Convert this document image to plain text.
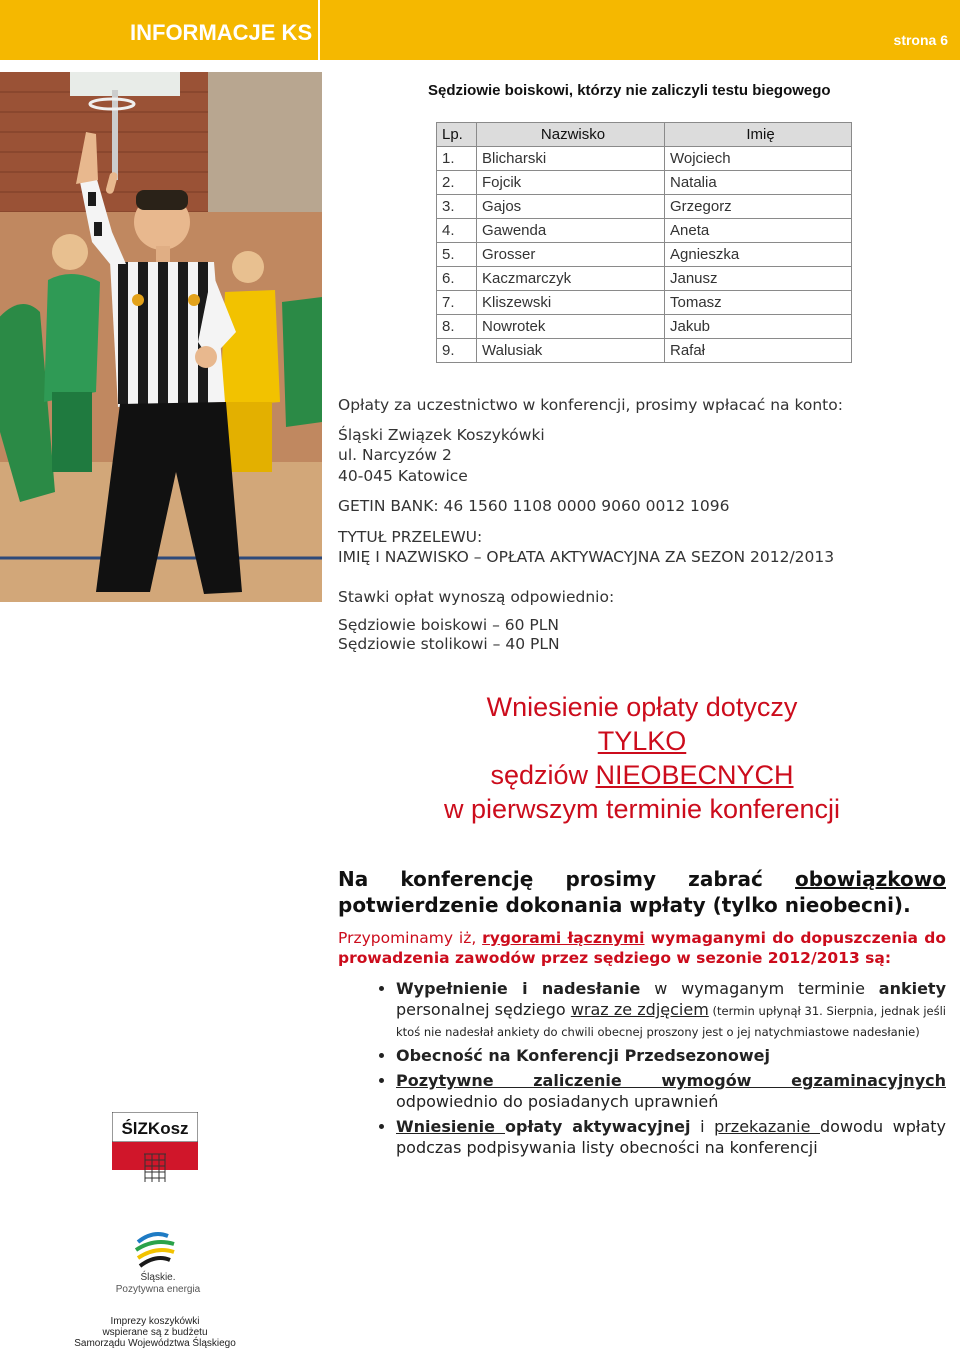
INFORMACJE KS	strona 6
Sędziowie boiskowi, którzy nie zaliczyli testu biegowego
Lp.	Nazwisko	Imię
1.	Blicharski	Wojciech
2.	Fojcik	Natalia
3.	Gajos	Grzegorz
4.	Gawenda	Aneta
5.	Grosser	Agnieszka
6.	Kaczmarczyk	Janusz
7.	Kliszewski	Tomasz
8.	Nowrotek	Jakub
9.	Walusiak	Rafał
Opłaty za uczestnictwo w konferencji, prosimy wpłacać na konto:
Śląski Związek Koszykówki
ul. Narcyzów 2
40-045 Katowice
GETIN BANK: 46 1560 1108 0000 9060 0012 1096
TYTUŁ PRZELEWU:
IMIĘ I NAZWISKO – OPŁATA AKTYWACYJNA ZA SEZON 2012/2013
Stawki opłat wynoszą odpowiednio:
Sędziowie boiskowi – 60 PLN
Sędziowie stolikowi – 40 PLN
Wniesienie opłaty dotyczy
TYLKO
sędziów NIEOBECNYCH
w pierwszym terminie konferencji
Na konferencję prosimy zabrać obowiązkowo potwierdzenie dokonania wpłaty (tylko nieobecni).
Przypominamy iż, rygorami łącznymi wymaganymi do dopuszczenia do prowadzenia zawodów przez sędziego w sezonie 2012/2013 są:
• Wypełnienie i nadesłanie w wymaganym terminie ankiety personalnej sędziego wraz ze zdjęciem (termin upłynął 31. Sierpnia, jednak jeśli ktoś nie nadesłał ankiety do chwili obecnej proszony jest o jej natychmiastowe nadesłanie)
• Obecność na Konferencji Przedsezonowej
• Pozytywne zaliczenie wymogów egzaminacyjnych odpowiednio do posiadanych uprawnień
• Wniesienie opłaty aktywacyjnej i przekazanie dowodu wpłaty podczas podpisywania listy obecności na konferencji
ŚlZKosz
Śląskie.
Pozytywna energia
Imprezy koszykówki
wspierane są z budżetu
Samorządu Województwa Śląskiego
